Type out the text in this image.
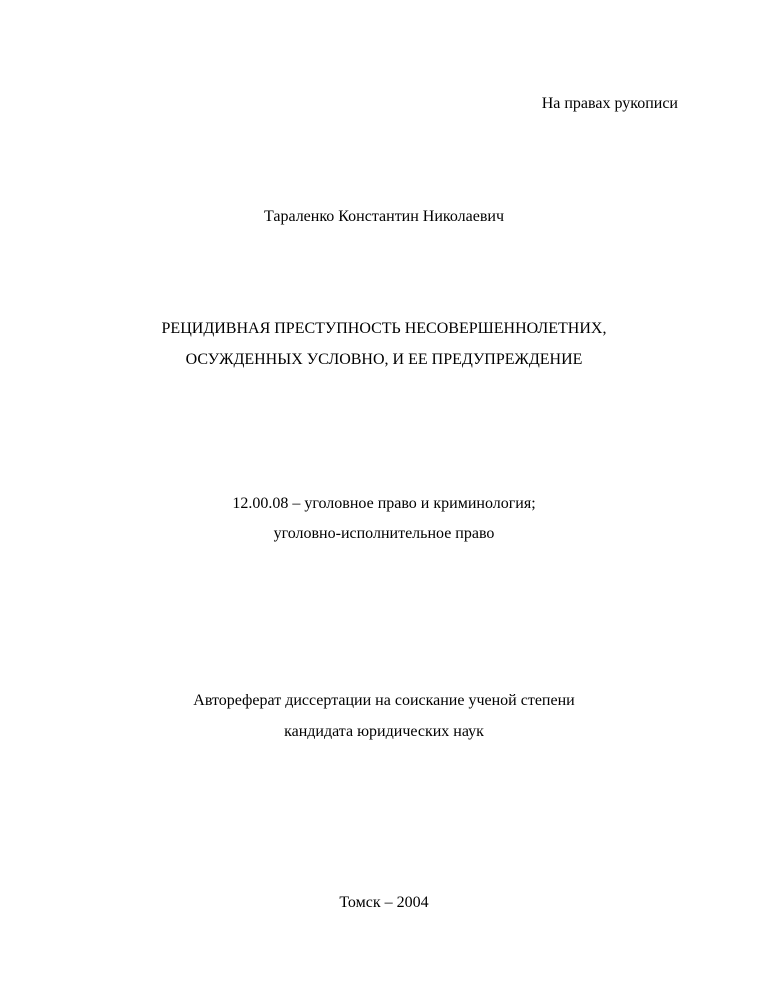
На правах рукописи
Тараленко Константин Николаевич
РЕЦИДИВНАЯ ПРЕСТУПНОСТЬ НЕСОВЕРШЕННОЛЕТНИХ,
ОСУЖДЕННЫХ УСЛОВНО, И ЕЕ ПРЕДУПРЕЖДЕНИЕ
12.00.08 – уголовное право и криминология;
уголовно-исполнительное право
Автореферат диссертации на соискание ученой степени
кандидата юридических наук
Томск – 2004
